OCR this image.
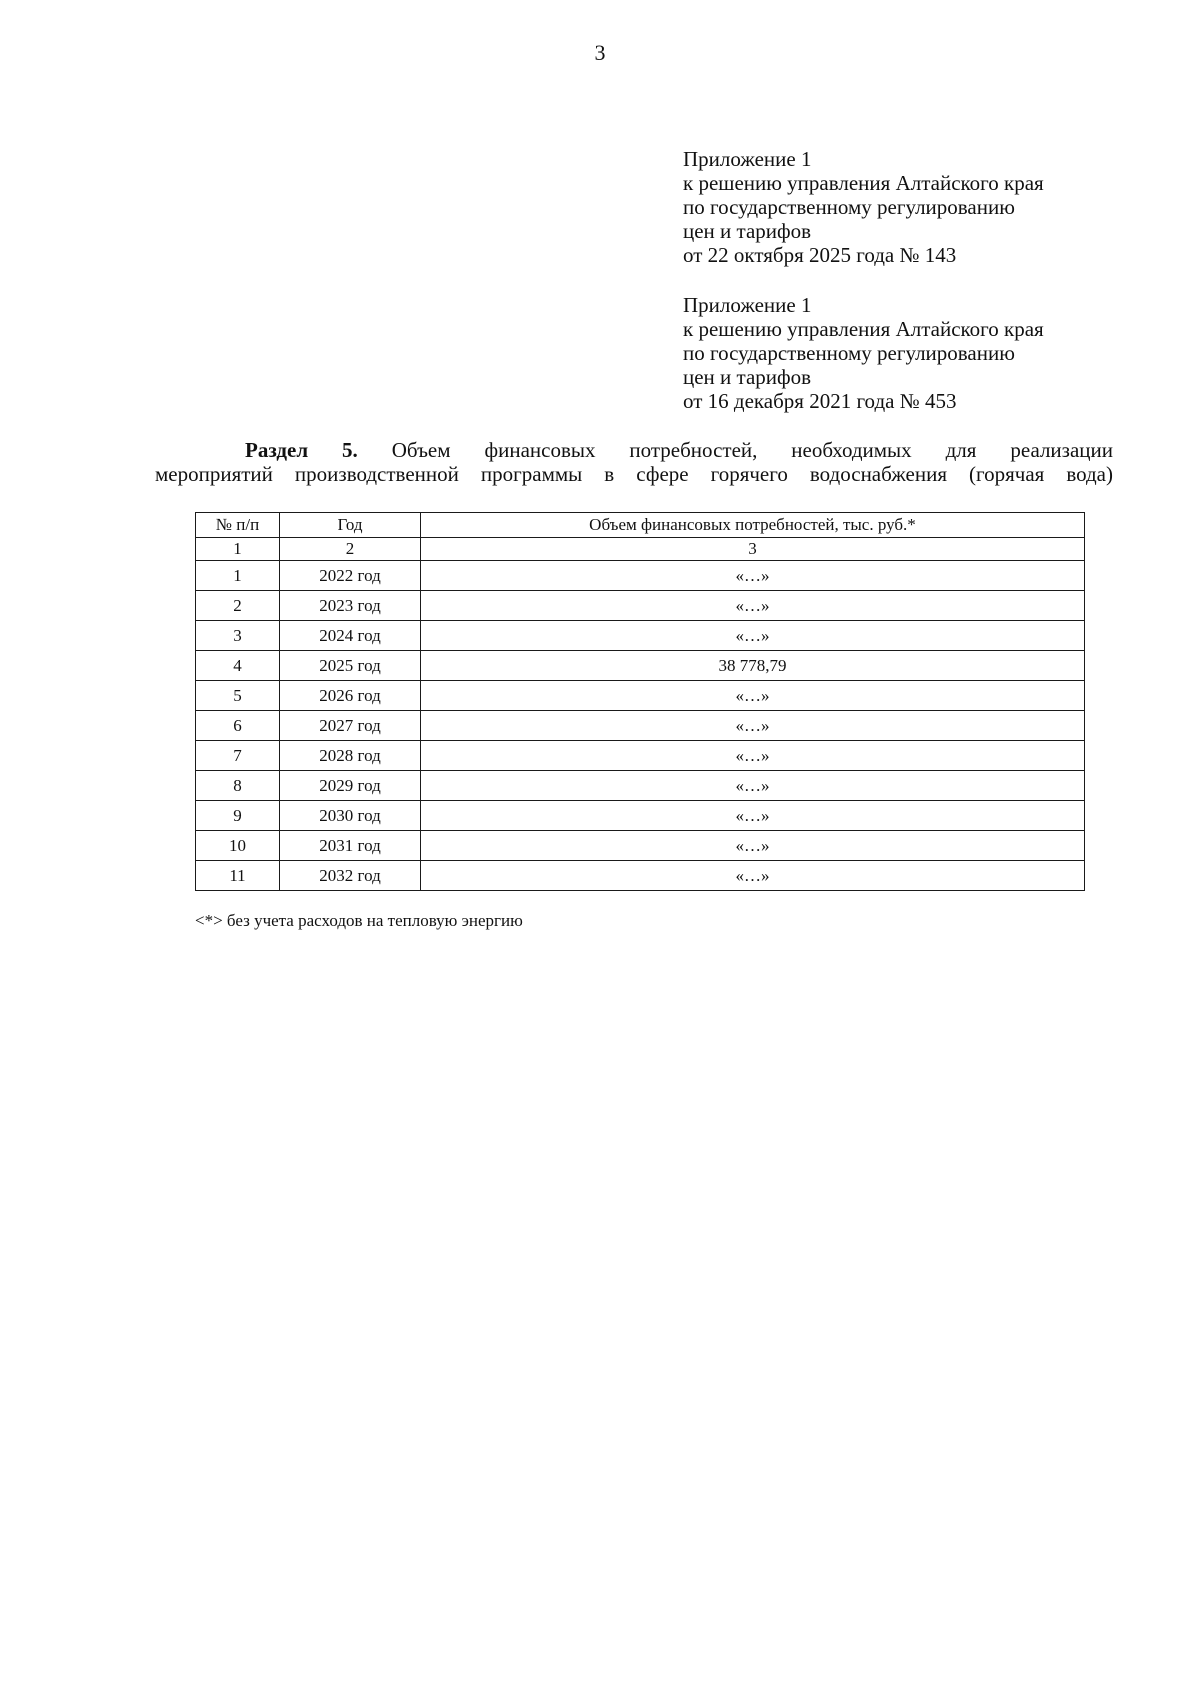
3
Приложение 1
к решению управления Алтайского края
по государственному регулированию
цен и тарифов
от 22 октября 2025 года № 143
Приложение 1
к решению управления Алтайского края
по государственному регулированию
цен и тарифов
от 16 декабря 2021 года № 453
Раздел 5. Объем финансовых потребностей, необходимых для реализации
мероприятий производственной программы в сфере горячего водоснабжения (горячая вода)
№ п/п	Год	Объем финансовых потребностей, тыс. руб.*
1	2	3
1	2022 год	«…»
2	2023 год	«…»
3	2024 год	«…»
4	2025 год	38 778,79
5	2026 год	«…»
6	2027 год	«…»
7	2028 год	«…»
8	2029 год	«…»
9	2030 год	«…»
10	2031 год	«…»
11	2032 год	«…»
<*> без учета расходов на тепловую энергию
